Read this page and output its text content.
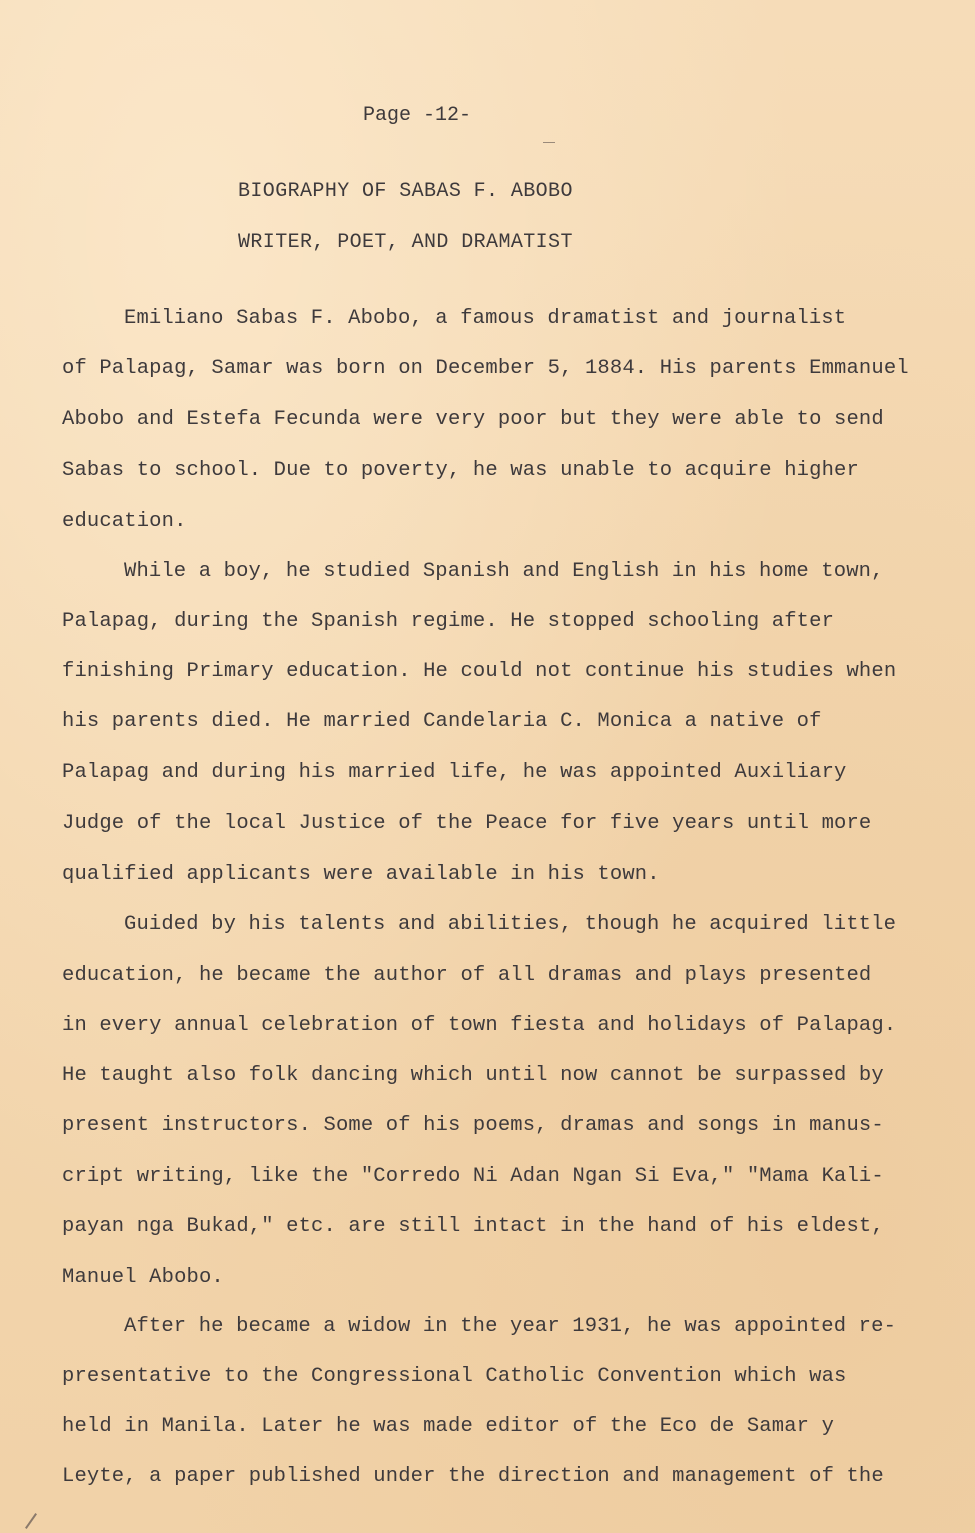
Page -12-
BIOGRAPHY OF SABAS F. ABOBO
WRITER, POET, AND DRAMATIST
Emiliano Sabas F. Abobo, a famous dramatist and journalist
of Palapag, Samar was born on December 5, 1884. His parents Emmanuel
Abobo and Estefa Fecunda were very poor but they were able to send
Sabas to school. Due to poverty, he was unable to acquire higher
education.
While a boy, he studied Spanish and English in his home town,
Palapag, during the Spanish regime. He stopped schooling after
finishing Primary education. He could not continue his studies when
his parents died. He married Candelaria C. Monica a native of
Palapag and during his married life, he was appointed Auxiliary
Judge of the local Justice of the Peace for five years until more
qualified applicants were available in his town.
Guided by his talents and abilities, though he acquired little
education, he became the author of all dramas and plays presented
in every annual celebration of town fiesta and holidays of Palapag.
He taught also folk dancing which until now cannot be surpassed by
present instructors. Some of his poems, dramas and songs in manus-
cript writing, like the "Corredo Ni Adan Ngan Si Eva," "Mama Kali-
payan nga Bukad," etc. are still intact in the hand of his eldest,
Manuel Abobo.
After he became a widow in the year 1931, he was appointed re-
presentative to the Congressional Catholic Convention which was
held in Manila. Later he was made editor of the Eco de Samar y
Leyte, a paper published under the direction and management of the
